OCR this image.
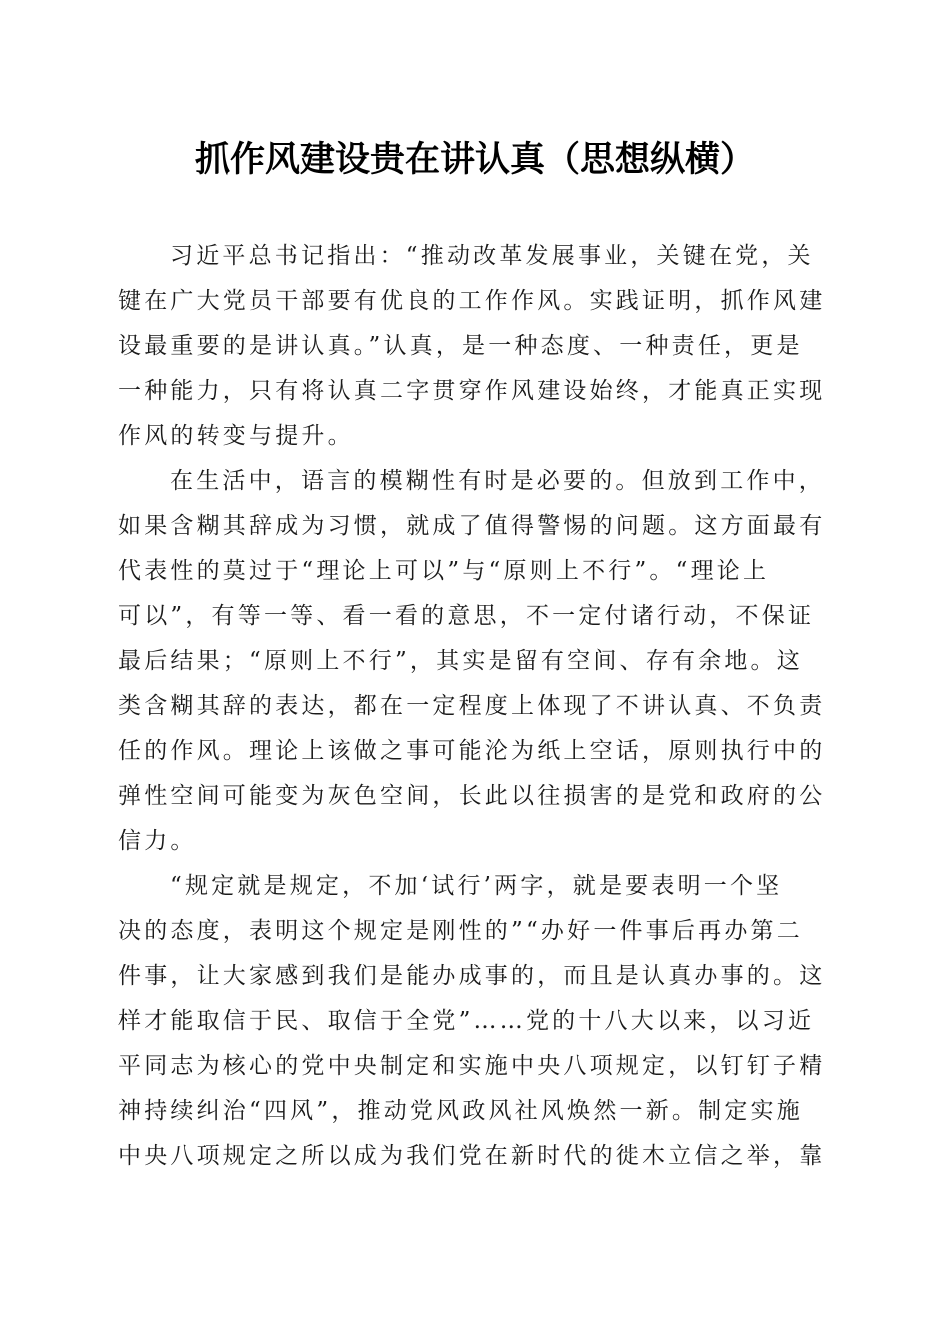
抓作风建设贵在讲认真（思想纵横）

习近平总书记指出：“推动改革发展事业，关键在党，关
键在广大党员干部要有优良的工作作风。实践证明，抓作风建
设最重要的是讲认真。”认真，是一种态度、一种责任，更是
一种能力，只有将认真二字贯穿作风建设始终，才能真正实现
作风的转变与提升。

在生活中，语言的模糊性有时是必要的。但放到工作中，
如果含糊其辞成为习惯，就成了值得警惕的问题。这方面最有
代表性的莫过于“理论上可以”与“原则上不行”。“理论上
可以”，有等一等、看一看的意思，不一定付诸行动，不保证
最后结果；“原则上不行”，其实是留有空间、存有余地。这
类含糊其辞的表达，都在一定程度上体现了不讲认真、不负责
任的作风。理论上该做之事可能沦为纸上空话，原则执行中的
弹性空间可能变为灰色空间，长此以往损害的是党和政府的公
信力。

“规定就是规定，不加‘试行’两字，就是要表明一个坚
决的态度，表明这个规定是刚性的”“办好一件事后再办第二
件事，让大家感到我们是能办成事的，而且是认真办事的。这
样才能取信于民、取信于全党”……党的十八大以来，以习近
平同志为核心的党中央制定和实施中央八项规定，以钉钉子精
神持续纠治“四风”，推动党风政风社风焕然一新。制定实施
中央八项规定之所以成为我们党在新时代的徙木立信之举，靠
